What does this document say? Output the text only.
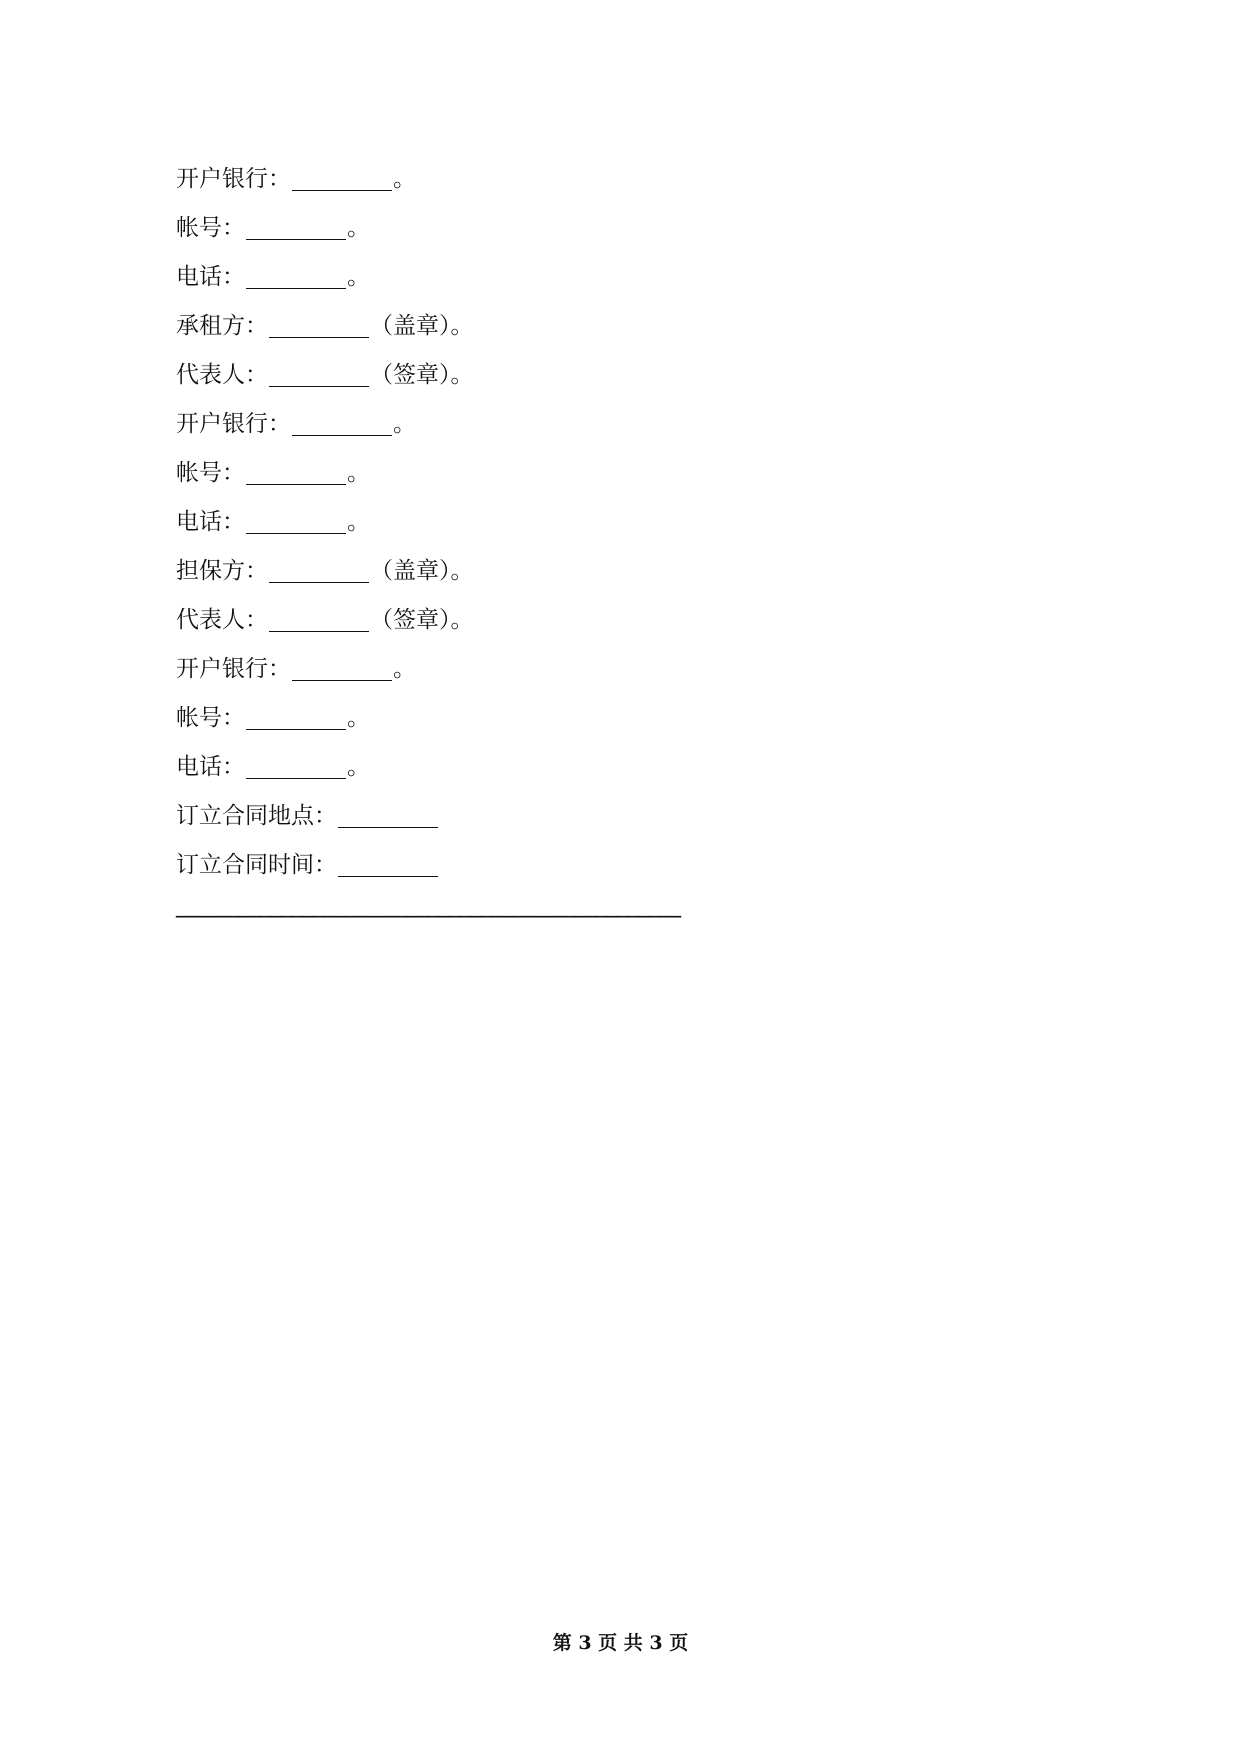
开户银行：	。
帐号：	。
电话：	。
承租方：	（盖章）。
代表人：	（签章）。
开户银行：	。
帐号：	。
电话：	。
担保方：	（盖章）。
代表人：	（签章）。
开户银行：	。
帐号：	。
电话：	。
订立合同地点：
订立合同时间：
________________________________________________
第 3 页 共 3 页
